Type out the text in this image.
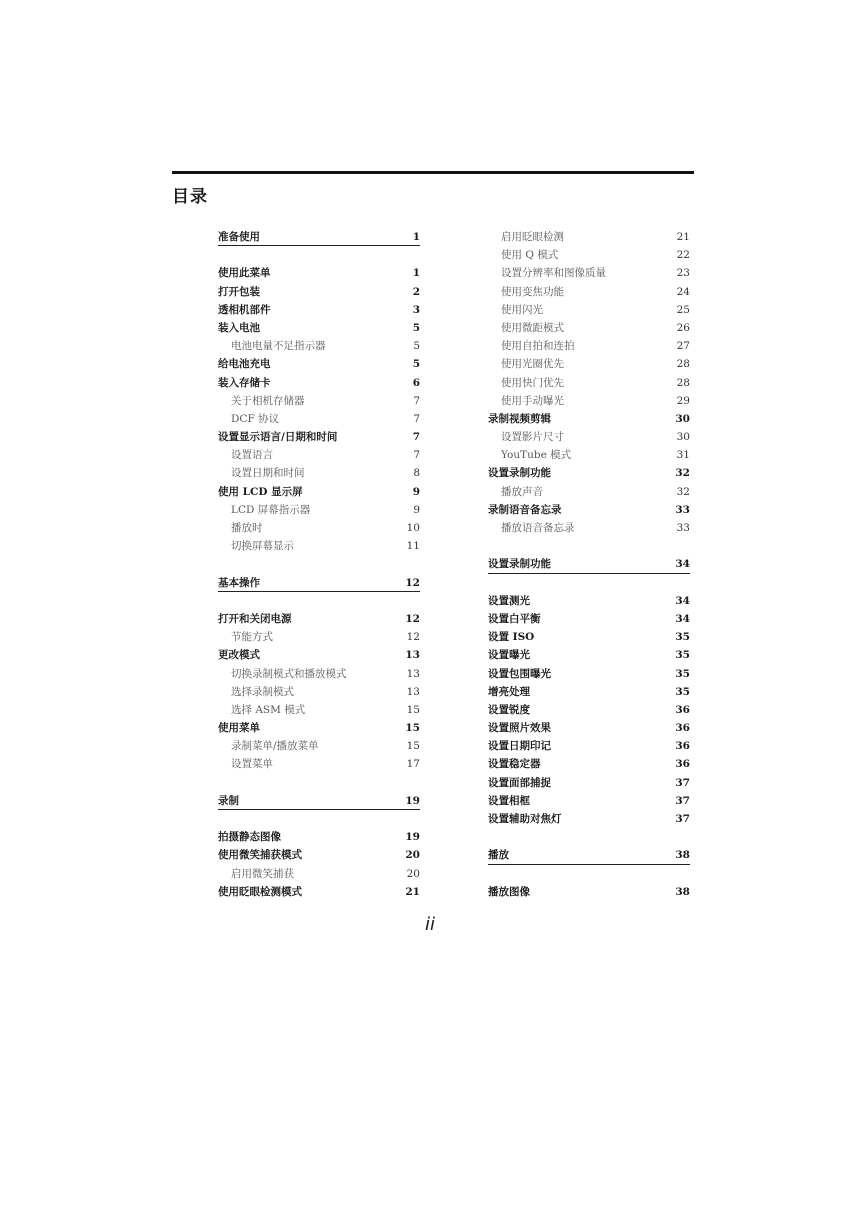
目录
准备使用	1
使用此菜单	1
打开包装	2
透相机部件	3
装入电池	5
电池电量不足指示器	5
给电池充电	5
装入存储卡	6
关于相机存储器	7
DCF 协议	7
设置显示语言/日期和时间	7
设置语言	7
设置日期和时间	8
使用 LCD 显示屏	9
LCD 屏幕指示器	9
播放时	10
切换屏幕显示	11
基本操作	12
打开和关闭电源	12
节能方式	12
更改模式	13
切换录制模式和播放模式	13
选择录制模式	13
选择 ASM 模式	15
使用菜单	15
录制菜单/播放菜单	15
设置菜单	17
录制	19
拍摄静态图像	19
使用微笑捕获模式	20
启用微笑捕获	20
使用眨眼检测模式	21
启用眨眼检测	21
使用 Q 模式	22
设置分辨率和图像质量	23
使用变焦功能	24
使用闪光	25
使用微距模式	26
使用自拍和连拍	27
使用光圈优先	28
使用快门优先	28
使用手动曝光	29
录制视频剪辑	30
设置影片尺寸	30
YouTube 模式	31
设置录制功能	32
播放声音	32
录制语音备忘录	33
播放语音备忘录	33
设置录制功能	34
设置测光	34
设置白平衡	34
设置 ISO	35
设置曝光	35
设置包围曝光	35
增亮处理	35
设置锐度	36
设置照片效果	36
设置日期印记	36
设置稳定器	36
设置面部捕捉	37
设置相框	37
设置辅助对焦灯	37
播放	38
播放图像	38
ii
